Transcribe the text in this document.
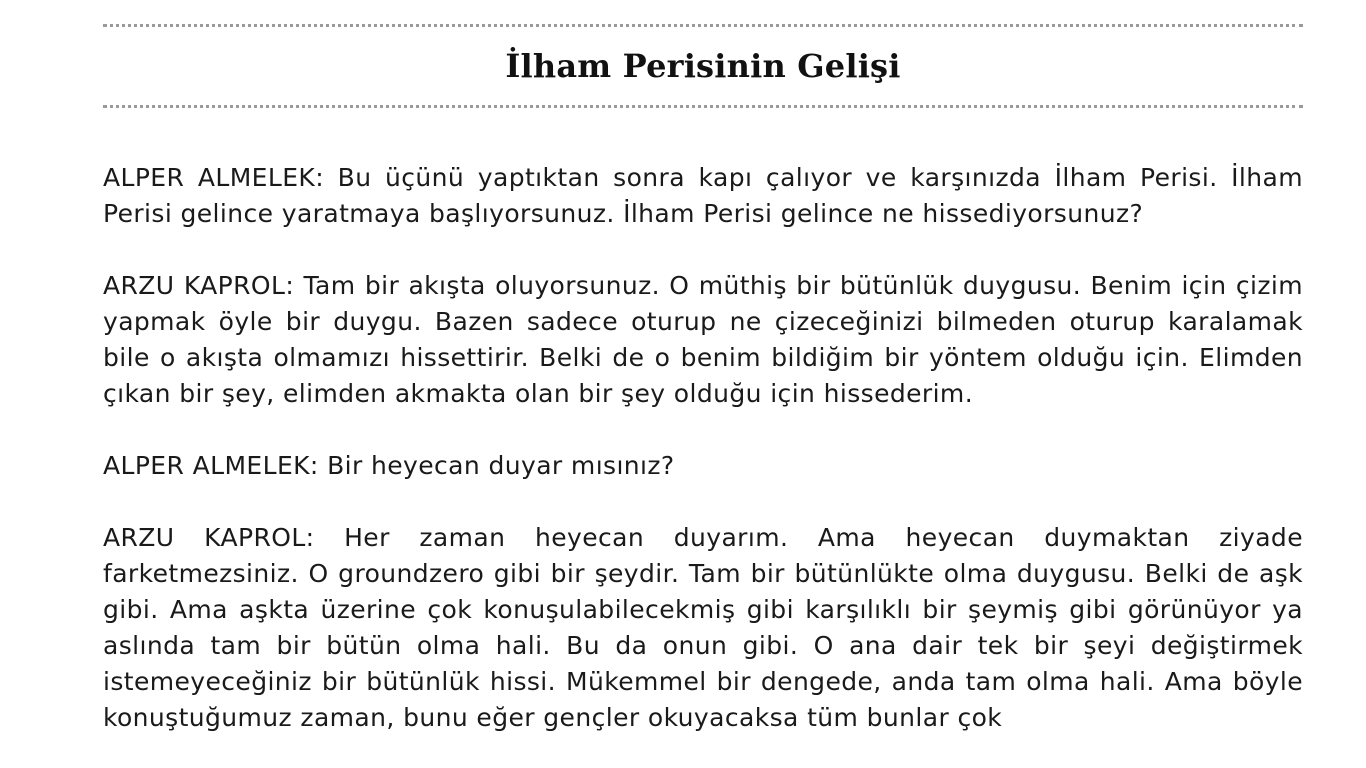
İlham Perisinin Gelişi

ALPER ALMELEK: Bu üçünü yaptıktan sonra kapı çalıyor ve karşınızda İlham Perisi. İlham Perisi gelince yaratmaya başlıyorsunuz. İlham Perisi gelince ne hissediyorsunuz?

ARZU KAPROL: Tam bir akışta oluyorsunuz. O müthiş bir bütünlük duygusu. Benim için çizim yapmak öyle bir duygu. Bazen sadece oturup ne çizeceğinizi bilmeden oturup karalamak bile o akışta olmamızı hissettirir. Belki de o benim bildiğim bir yöntem olduğu için. Elimden çıkan bir şey, elimden akmakta olan bir şey olduğu için hissederim.

ALPER ALMELEK: Bir heyecan duyar mısınız?

ARZU KAPROL: Her zaman heyecan duyarım. Ama heyecan duymaktan ziyade farketmezsiniz. O groundzero gibi bir şeydir. Tam bir bütünlükte olma duygusu. Belki de aşk gibi. Ama aşkta üzerine çok konuşulabilecekmiş gibi karşılıklı bir şeymiş gibi görünüyor ya aslında tam bir bütün olma hali. Bu da onun gibi. O ana dair tek bir şeyi değiştirmek istemeyeceğiniz bir bütünlük hissi. Mükemmel bir dengede, anda tam olma hali. Ama böyle konuştuğumuz zaman, bunu eğer gençler okuyacaksa tüm bunlar çok
